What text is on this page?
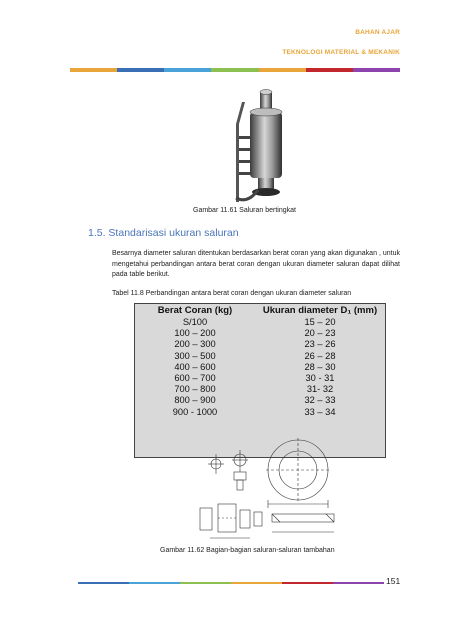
BAHAN AJAR
TEKNOLOGI MATERIAL & MEKANIK
Gambar 11.61 Saluran bertingkat
1.5. Standarisasi ukuran saluran
Besarnya diameter saluran ditentukan berdasarkan berat coran yang akan digunakan , untuk mengetahui perbandingan antara berat coran dengan ukuran diameter saluran dapat dilihat pada table berikut.
Tabel 11.8 Perbandingan antara berat coran dengan ukuran diameter saluran
Berat Coran (kg)	Ukuran diameter D₁ (mm)
S/100	15 – 20
100 – 200	20 – 23
200 – 300	23 – 26
300 – 500	26 – 28
400 – 600	28 – 30
600 – 700	30 - 31
700 – 800	31- 32
800 – 900	32 – 33
900 - 1000	33 – 34
Gambar 11.62 Bagian-bagian saluran-saluran tambahan
151
